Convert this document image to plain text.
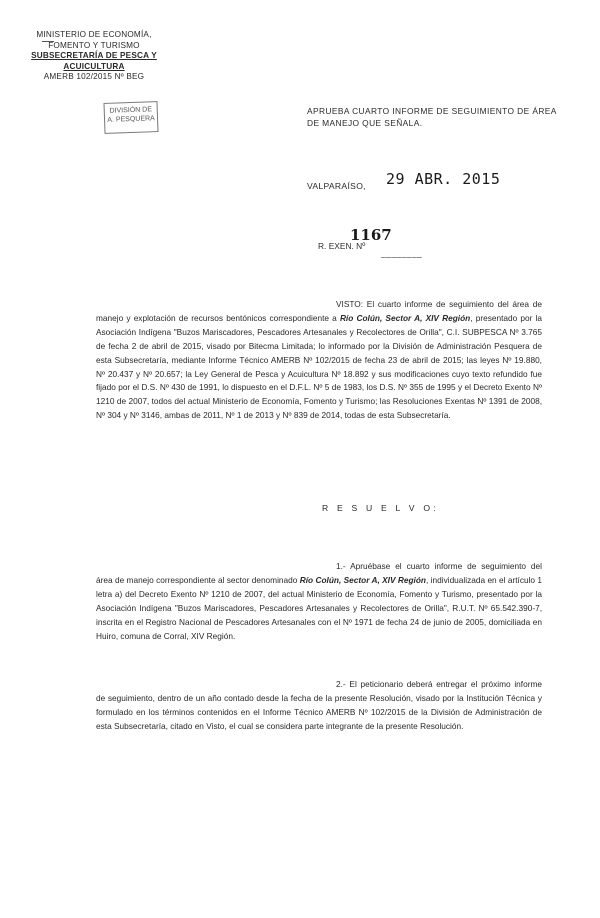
MINISTERIO DE ECONOMÍA,
FOMENTO Y TURISMO
SUBSECRETARÍA DE PESCA Y ACUICULTURA
AMERB 102/2015 Nº BEG
DIVISIÓN DE
A. PESQUERA
APRUEBA CUARTO INFORME DE SEGUIMIENTO DE ÁREA DE MANEJO QUE SEÑALA.
VALPARAÍSO, 29 ABR. 2015
R. EXEN. Nº
1167
________
VISTO: El cuarto informe de seguimiento del área de manejo y explotación de recursos bentónicos correspondiente a Río Colún, Sector A, XIV Región, presentado por la Asociación Indígena "Buzos Mariscadores, Pescadores Artesanales y Recolectores de Orilla", C.I. SUBPESCA Nº 3.765 de fecha 2 de abril de 2015, visado por Bitecma Limitada; lo informado por la División de Administración Pesquera de esta Subsecretaría, mediante Informe Técnico AMERB Nº 102/2015 de fecha 23 de abril de 2015; las leyes Nº 19.880, Nº 20.437 y Nº 20.657; la Ley General de Pesca y Acuicultura Nº 18.892 y sus modificaciones cuyo texto refundido fue fijado por el D.S. Nº 430 de 1991, lo dispuesto en el D.F.L. Nº 5 de 1983, los D.S. Nº 355 de 1995 y el Decreto Exento Nº 1210 de 2007, todos del actual Ministerio de Economía, Fomento y Turismo; las Resoluciones Exentas Nº 1391 de 2008, Nº 304 y Nº 3146, ambas de 2011, Nº 1 de 2013 y Nº 839 de 2014, todas de esta Subsecretaría.
R E S U E L V O:
1.- Apruébase el cuarto informe de seguimiento del área de manejo correspondiente al sector denominado Río Colún, Sector A, XIV Región, individualizada en el artículo 1 letra a) del Decreto Exento Nº 1210 de 2007, del actual Ministerio de Economía, Fomento y Turismo, presentado por la Asociación Indígena "Buzos Mariscadores, Pescadores Artesanales y Recolectores de Orilla", R.U.T. Nº 65.542.390-7, inscrita en el Registro Nacional de Pescadores Artesanales con el Nº 1971 de fecha 24 de junio de 2005, domiciliada en Huiro, comuna de Corral, XIV Región.
2.- El peticionario deberá entregar el próximo informe de seguimiento, dentro de un año contado desde la fecha de la presente Resolución, visado por la Institución Técnica y formulado en los términos contenidos en el Informe Técnico AMERB Nº 102/2015 de la División de Administración de esta Subsecretaría, citado en Visto, el cual se considera parte integrante de la presente Resolución.
